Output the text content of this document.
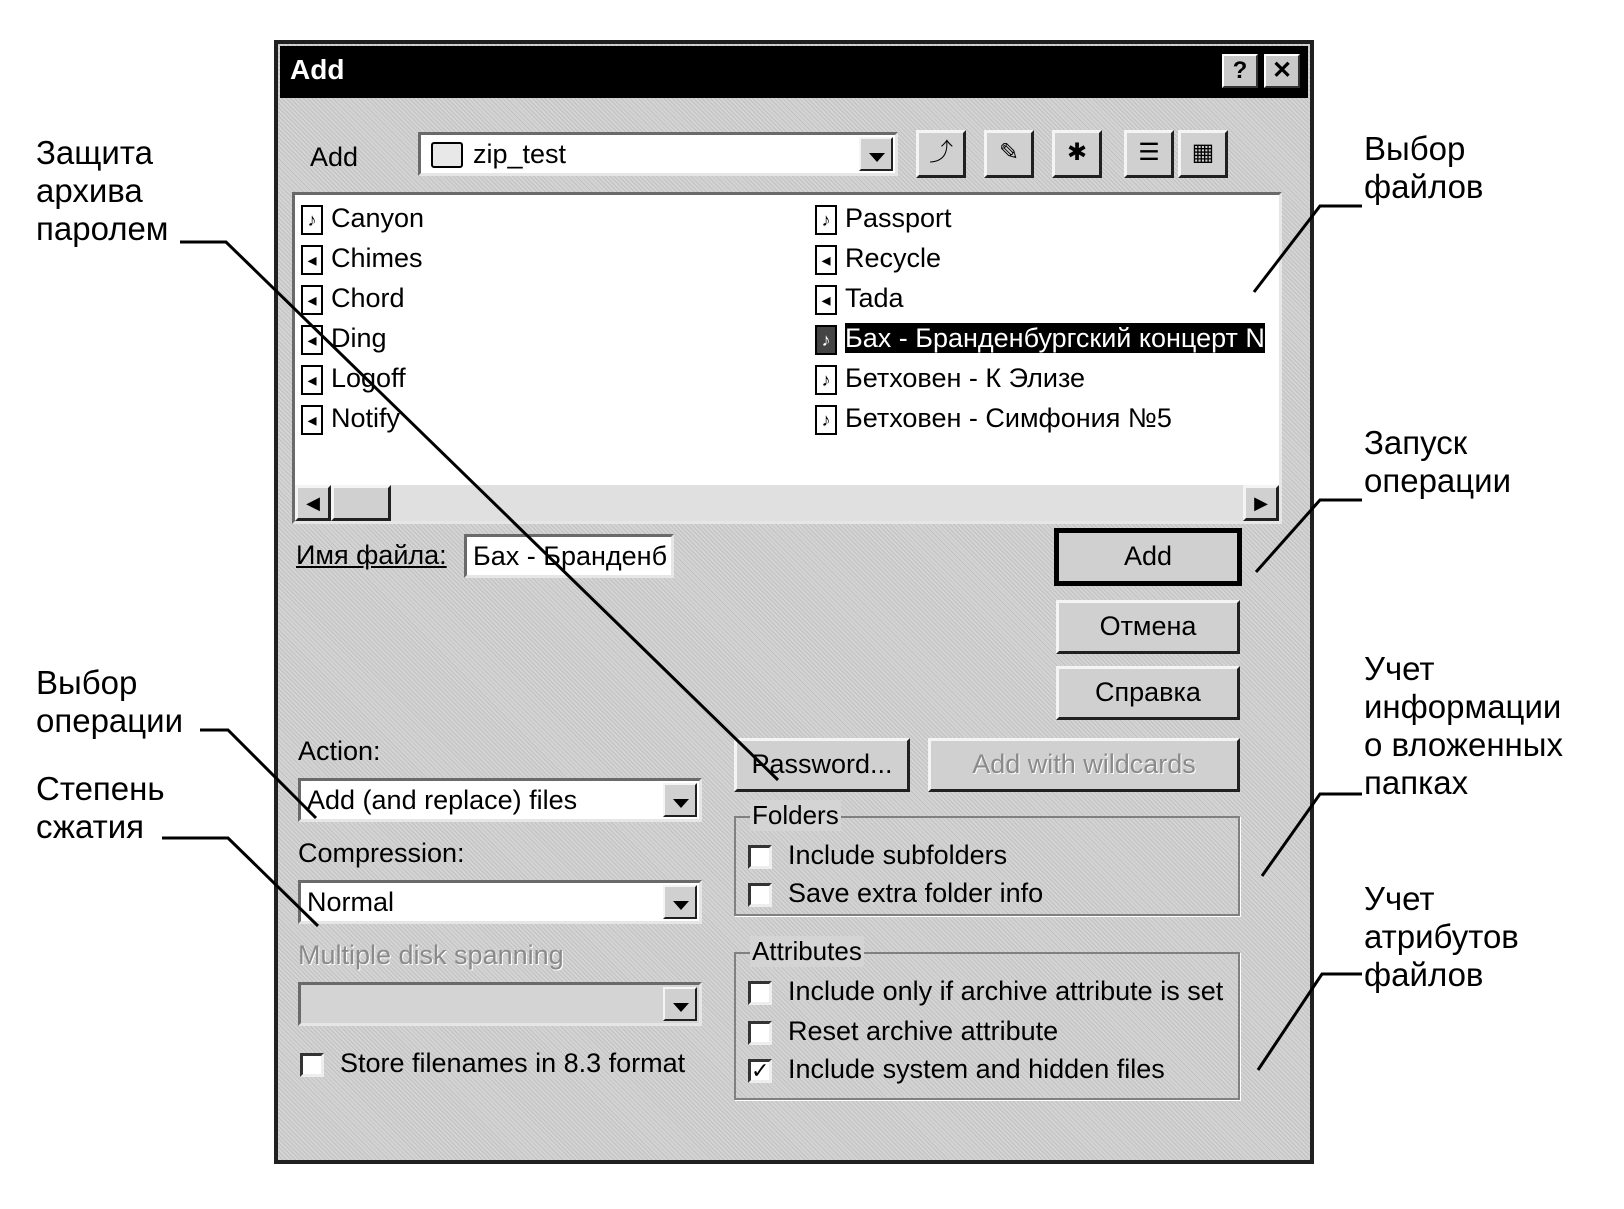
Защита
архива
паролем
Выбор
файлов
Запуск
операции
Учет
информации
о вложенных
папках
Выбор
операции
Степень
сжатия
Учет
атрибутов
файлов
Add	?	✕
Add	zip_test	⤴	✎	✱	☰	▦
♪ Canyon
◂ Chimes
◂ Chord
◂ Ding
◂ Logoff
◂ Notify
♪ Passport
◂ Recycle
◂ Tada
♪ Бах - Бранденбургский концерт N
♪ Бетховен - К Элизе
♪ Бетховен - Симфония №5
◀	▶
Имя файла: Бах - Бранденб	Add
Отмена
Справка
Password...	Add with wildcards
Action:
Add (and replace) files
Compression:
Normal
Multiple disk spanning
Store filenames in 8.3 format
Folders
Include subfolders
Save extra folder info
Attributes
Include only if archive attribute is set
Reset archive attribute
✓ Include system and hidden files
